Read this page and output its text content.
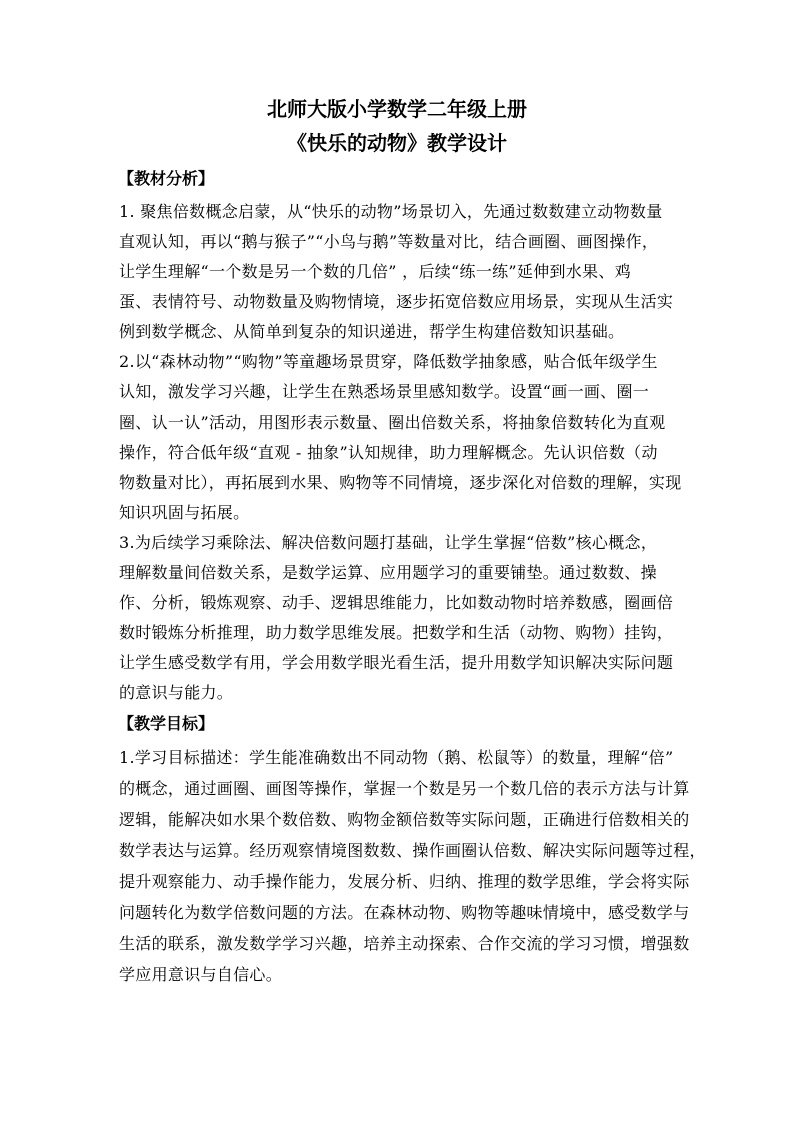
北师大版小学数学二年级上册
《快乐的动物》教学设计
【教材分析】

1. 聚焦倍数概念启蒙，从“快乐的动物”场景切入，先通过数数建立动物数量

直观认知，再以“鹅与猴子”“小鸟与鹅”等数量对比，结合画圈、画图操作，

让学生理解“一个数是另一个数的几倍” ，后续“练一练”延伸到水果、鸡

蛋、表情符号、动物数量及购物情境，逐步拓宽倍数应用场景，实现从生活实

例到数学概念、从简单到复杂的知识递进，帮学生构建倍数知识基础。

2.以“森林动物”“购物”等童趣场景贯穿，降低数学抽象感，贴合低年级学生

认知，激发学习兴趣，让学生在熟悉场景里感知数学。设置“画一画、圈一

圈、认一认”活动，用图形表示数量、圈出倍数关系，将抽象倍数转化为直观

操作，符合低年级“直观 - 抽象”认知规律，助力理解概念。先认识倍数（动

物数量对比），再拓展到水果、购物等不同情境，逐步深化对倍数的理解，实现

知识巩固与拓展。

3.为后续学习乘除法、解决倍数问题打基础，让学生掌握“倍数”核心概念，

理解数量间倍数关系，是数学运算、应用题学习的重要铺垫。通过数数、操

作、分析，锻炼观察、动手、逻辑思维能力，比如数动物时培养数感，圈画倍

数时锻炼分析推理，助力数学思维发展。把数学和生活（动物、购物）挂钩，

让学生感受数学有用，学会用数学眼光看生活，提升用数学知识解决实际问题

的意识与能力。

【教学目标】

1.学习目标描述：学生能准确数出不同动物（鹅、松鼠等）的数量，理解“倍”

的概念，通过画圈、画图等操作，掌握一个数是另一个数几倍的表示方法与计算

逻辑，能解决如水果个数倍数、购物金额倍数等实际问题，正确进行倍数相关的

数学表达与运算。经历观察情境图数数、操作画圈认倍数、解决实际问题等过程，

提升观察能力、动手操作能力，发展分析、归纳、推理的数学思维，学会将实际

问题转化为数学倍数问题的方法。在森林动物、购物等趣味情境中，感受数学与

生活的联系，激发数学学习兴趣，培养主动探索、合作交流的学习习惯，增强数

学应用意识与自信心。
